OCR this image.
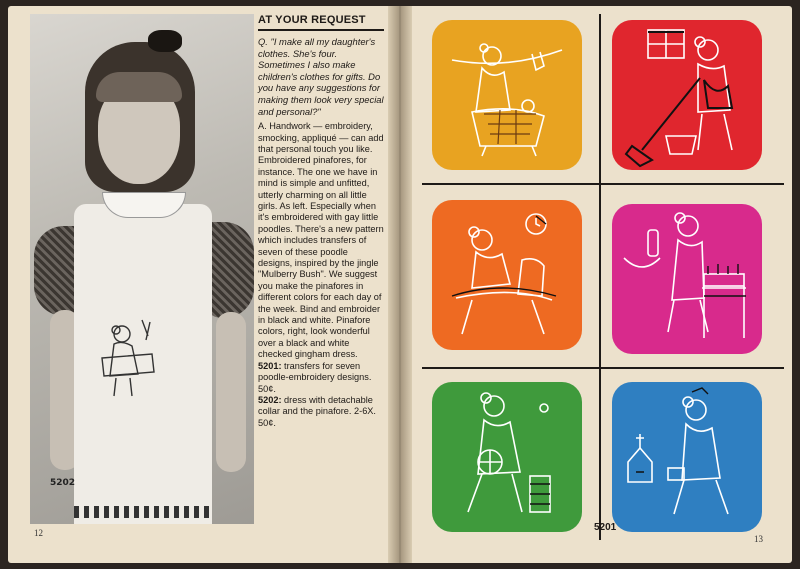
5202
AT YOUR REQUEST
Q. "I make all my daughter's clothes. She's four. Sometimes I also make children's clothes for gifts. Do you have any suggestions for making them look very special and personal?"
A. Handwork — embroidery, smocking, appliqué — can add that personal touch you like. Embroidered pinafores, for instance. The one we have in mind is simple and unfitted, utterly charming on all little girls. As left. Especially when it's embroidered with gay little poodles. There's a new pattern which includes transfers of seven of these poodle designs, inspired by the jingle "Mulberry Bush". We suggest you make the pinafores in different colors for each day of the week. Bind and embroider in black and white. Pinafore colors, right, look wonderful over a black and white checked gingham dress.
5201: transfers for seven poodle-embroidery designs. 50¢.
5202: dress with detachable collar and the pinafore. 2-6X. 50¢.
12
13
5201
